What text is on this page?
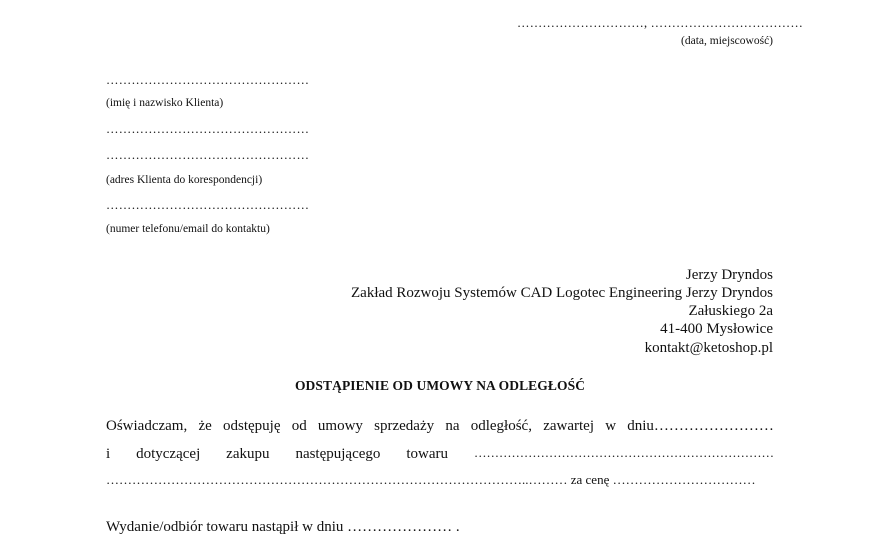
…………………………, ………………………………
(data, miejscowość)
…………………………………………
(imię i nazwisko Klienta)
…………………………………………
…………………………………………
(adres Klienta do korespondencji)
…………………………………………
(numer telefonu/email do kontaktu)
Jerzy Dryndos
Zakład Rozwoju Systemów CAD Logotec Engineering Jerzy Dryndos
Załuskiego 2a
41-400 Mysłowice
kontakt@ketoshop.pl
ODSTĄPIENIE OD UMOWY NA ODLEGŁOŚĆ
Oświadczam, że odstępuję od umowy sprzedaży na odległość, zawartej w dniu……………………
i dotyczącej zakupu następującego towaru ………………………………………………………………
……………………………………………………………………………………..……… za cenę ……………………………
Wydanie/odbiór towaru nastąpił w dniu ………………… .
